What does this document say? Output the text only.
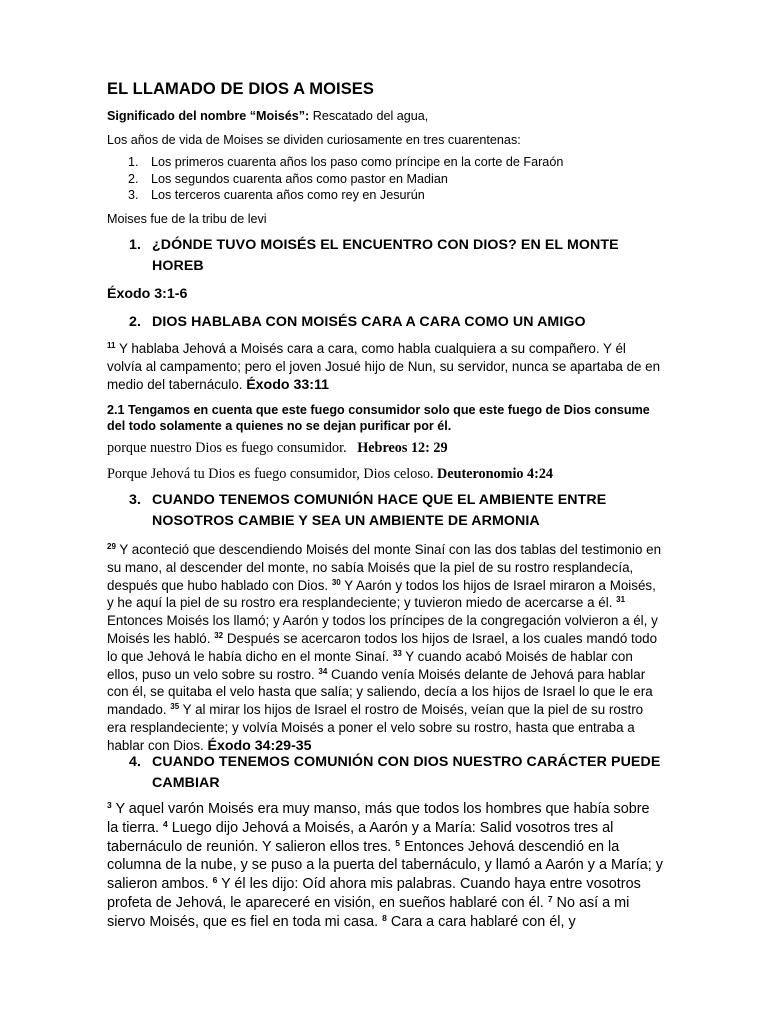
EL LLAMADO DE DIOS A MOISES

Significado del nombre “Moisés”: Rescatado del agua,

Los años de vida de Moises se dividen curiosamente en tres cuarentenas:

1. Los primeros cuarenta años los paso como príncipe en la corte de Faraón
2. Los segundos cuarenta años como pastor en Madian
3. Los terceros cuarenta años como rey en Jesurún

Moises fue de la tribu de levi

1. ¿DÓNDE TUVO MOISÉS EL ENCUENTRO CON DIOS? EN EL MONTE HOREB

Éxodo 3:1-6

2. DIOS HABLABA CON MOISÉS CARA A CARA COMO UN AMIGO

$^{11}$ Y hablaba Jehová a Moisés cara a cara, como habla cualquiera a su compañero. Y él volvía al campamento; pero el joven Josué hijo de Nun, su servidor, nunca se apartaba de en medio del tabernáculo. Éxodo 33:11

2.1 Tengamos en cuenta que este fuego consumidor solo que este fuego de Dios consume del todo solamente a quienes no se dejan purificar por él.

porque nuestro Dios es fuego consumidor. Hebreos 12: 29

Porque Jehová tu Dios es fuego consumidor, Dios celoso. Deuteronomio 4:24

3. CUANDO TENEMOS COMUNIÓN HACE QUE EL AMBIENTE ENTRE NOSOTROS CAMBIE Y SEA UN AMBIENTE DE ARMONIA

$^{29}$ Y aconteció que descendiendo Moisés del monte Sinaí con las dos tablas del testimonio en su mano, al descender del monte, no sabía Moisés que la piel de su rostro resplandecía, después que hubo hablado con Dios. $^{30}$ Y Aarón y todos los hijos de Israel miraron a Moisés, y he aquí la piel de su rostro era resplandeciente; y tuvieron miedo de acercarse a él. $^{31}$ Entonces Moisés los llamó; y Aarón y todos los príncipes de la congregación volvieron a él, y Moisés les habló. $^{32}$ Después se acercaron todos los hijos de Israel, a los cuales mandó todo lo que Jehová le había dicho en el monte Sinaí. $^{33}$ Y cuando acabó Moisés de hablar con ellos, puso un velo sobre su rostro. $^{34}$ Cuando venía Moisés delante de Jehová para hablar con él, se quitaba el velo hasta que salía; y saliendo, decía a los hijos de Israel lo que le era mandado. $^{35}$ Y al mirar los hijos de Israel el rostro de Moisés, veían que la piel de su rostro era resplandeciente; y volvía Moisés a poner el velo sobre su rostro, hasta que entraba a hablar con Dios. Éxodo 34:29-35

4. CUANDO TENEMOS COMUNIÓN CON DIOS NUESTRO CARÁCTER PUEDE CAMBIAR

$^3$ Y aquel varón Moisés era muy manso, más que todos los hombres que había sobre la tierra. $^4$ Luego dijo Jehová a Moisés, a Aarón y a María: Salid vosotros tres al tabernáculo de reunión. Y salieron ellos tres. $^5$ Entonces Jehová descendió en la columna de la nube, y se puso a la puerta del tabernáculo, y llamó a Aarón y a María; y salieron ambos. $^6$ Y él les dijo: Oíd ahora mis palabras. Cuando haya entre vosotros profeta de Jehová, le apareceré en visión, en sueños hablaré con él. $^7$ No así a mi siervo Moisés, que es fiel en toda mi casa. $^8$ Cara a cara hablaré con él, y
